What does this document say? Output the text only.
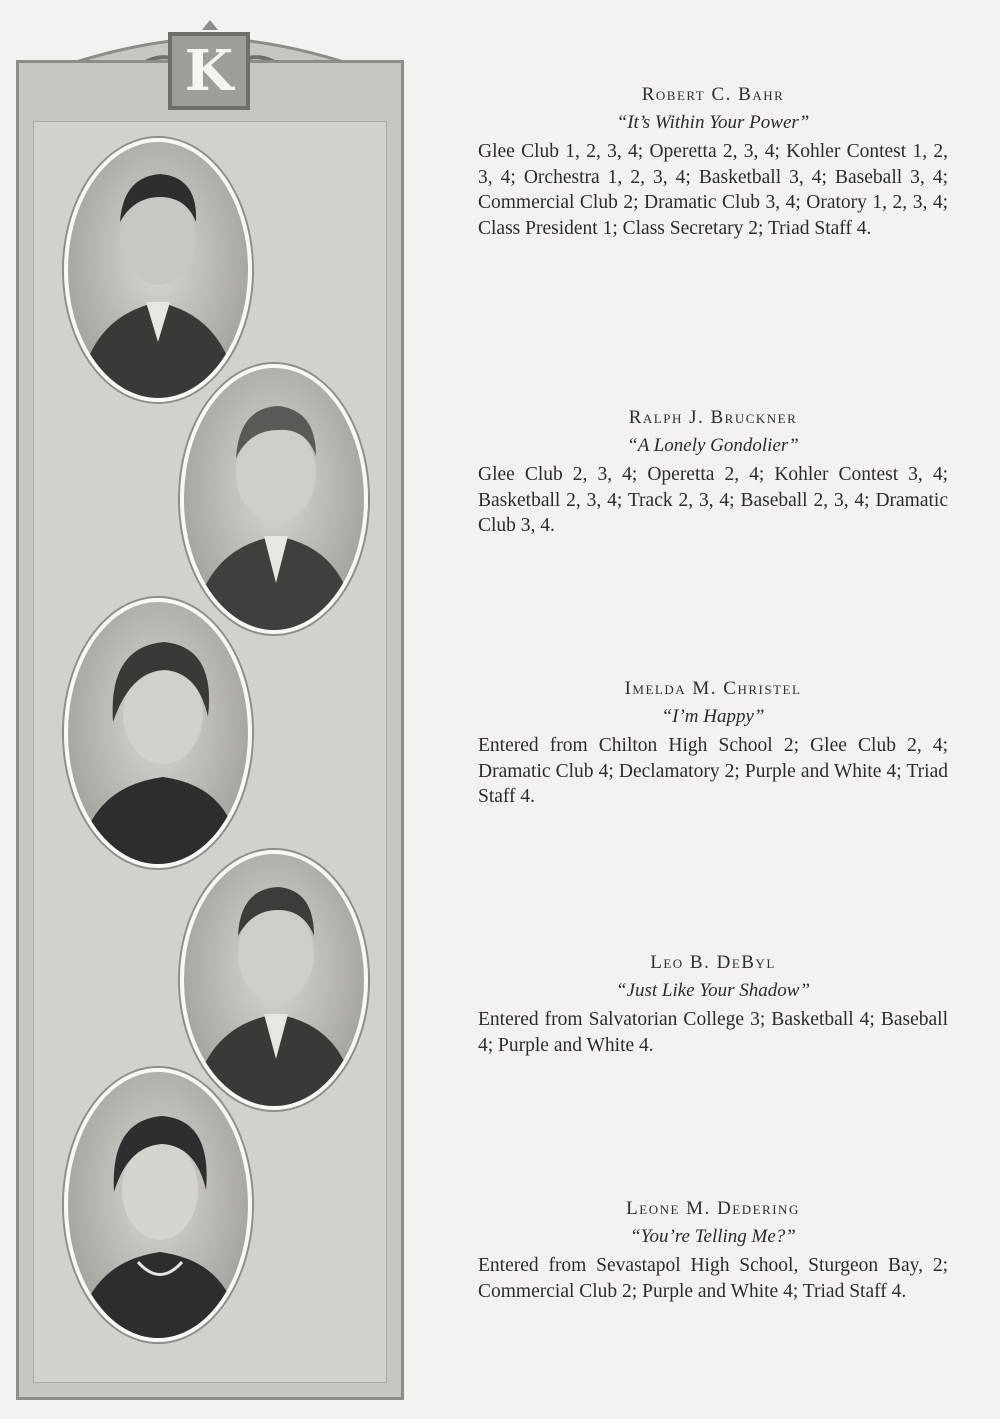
K	Robert C. Bahr
“It’s Within Your Power”
Glee Club 1, 2, 3, 4; Operetta 2, 3, 4; Kohler Contest 1, 2, 3, 4; Orchestra 1, 2, 3, 4; Basketball 3, 4; Baseball 3, 4; Commercial Club 2; Dramatic Club 3, 4; Oratory 1, 2, 3, 4; Class President 1; Class Secretary 2; Triad Staff 4.
Ralph J. Bruckner
“A Lonely Gondolier”
Glee Club 2, 3, 4; Operetta 2, 4; Kohler Contest 3, 4; Basketball 2, 3, 4; Track 2, 3, 4; Baseball 2, 3, 4; Dramatic Club 3, 4.
Imelda M. Christel
“I’m Happy”
Entered from Chilton High School 2; Glee Club 2, 4; Dramatic Club 4; Declamatory 2; Purple and White 4; Triad Staff 4.
Leo B. DeByl
“Just Like Your Shadow”
Entered from Salvatorian College 3; Basketball 4; Baseball 4; Purple and White 4.
Leone M. Dedering
“You’re Telling Me?”
Entered from Sevastapol High School, Sturgeon Bay, 2; Commercial Club 2; Purple and White 4; Triad Staff 4.
